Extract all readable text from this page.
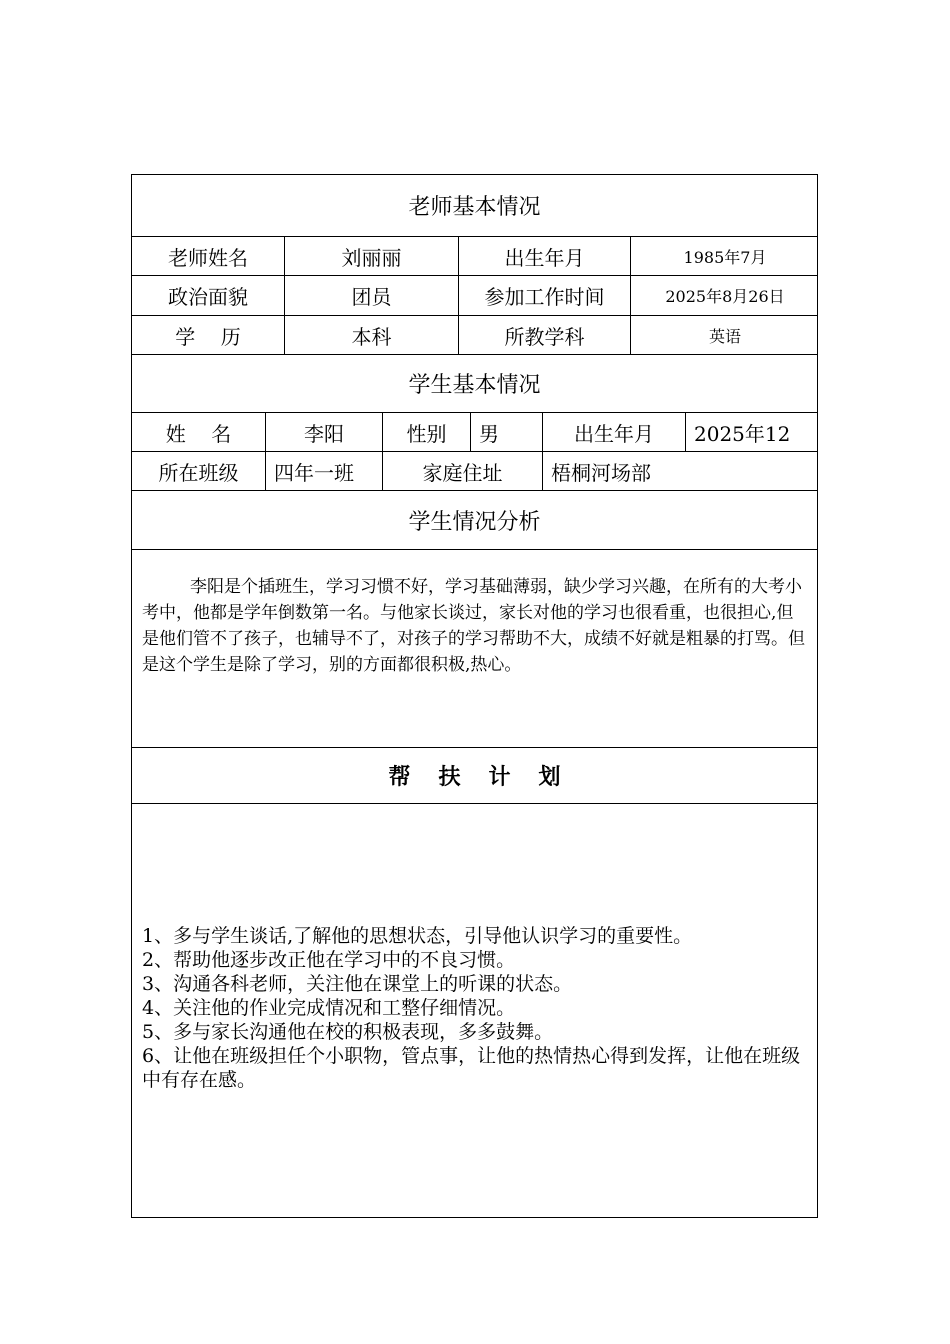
老师基本情况
老师姓名	刘丽丽	出生年月	1985年7月
政治面貌	团员	参加工作时间	2025年8月26日
学    历	本科	所教学科	英语
学生基本情况
姓    名	李阳	性别	男	出生年月	2025年12
所在班级	四年一班	家庭住址	梧桐河场部
学生情况分析
李阳是个插班生，学习习惯不好，学习基础薄弱，缺少学习兴趣，在所有的大考小考中，他都是学年倒数第一名。与他家长谈过，家长对他的学习也很看重，也很担心,但是他们管不了孩子，也辅导不了，对孩子的学习帮助不大，成绩不好就是粗暴的打骂。但是这个学生是除了学习，别的方面都很积极,热心。
帮 扶 计 划
1、多与学生谈话,了解他的思想状态，引导他认识学习的重要性。
2、帮助他逐步改正他在学习中的不良习惯。
3、沟通各科老师，关注他在课堂上的听课的状态。
4、关注他的作业完成情况和工整仔细情况。
5、多与家长沟通他在校的积极表现，多多鼓舞。
6、让他在班级担任个小职物，管点事，让他的热情热心得到发挥，让他在班级中有存在感。
